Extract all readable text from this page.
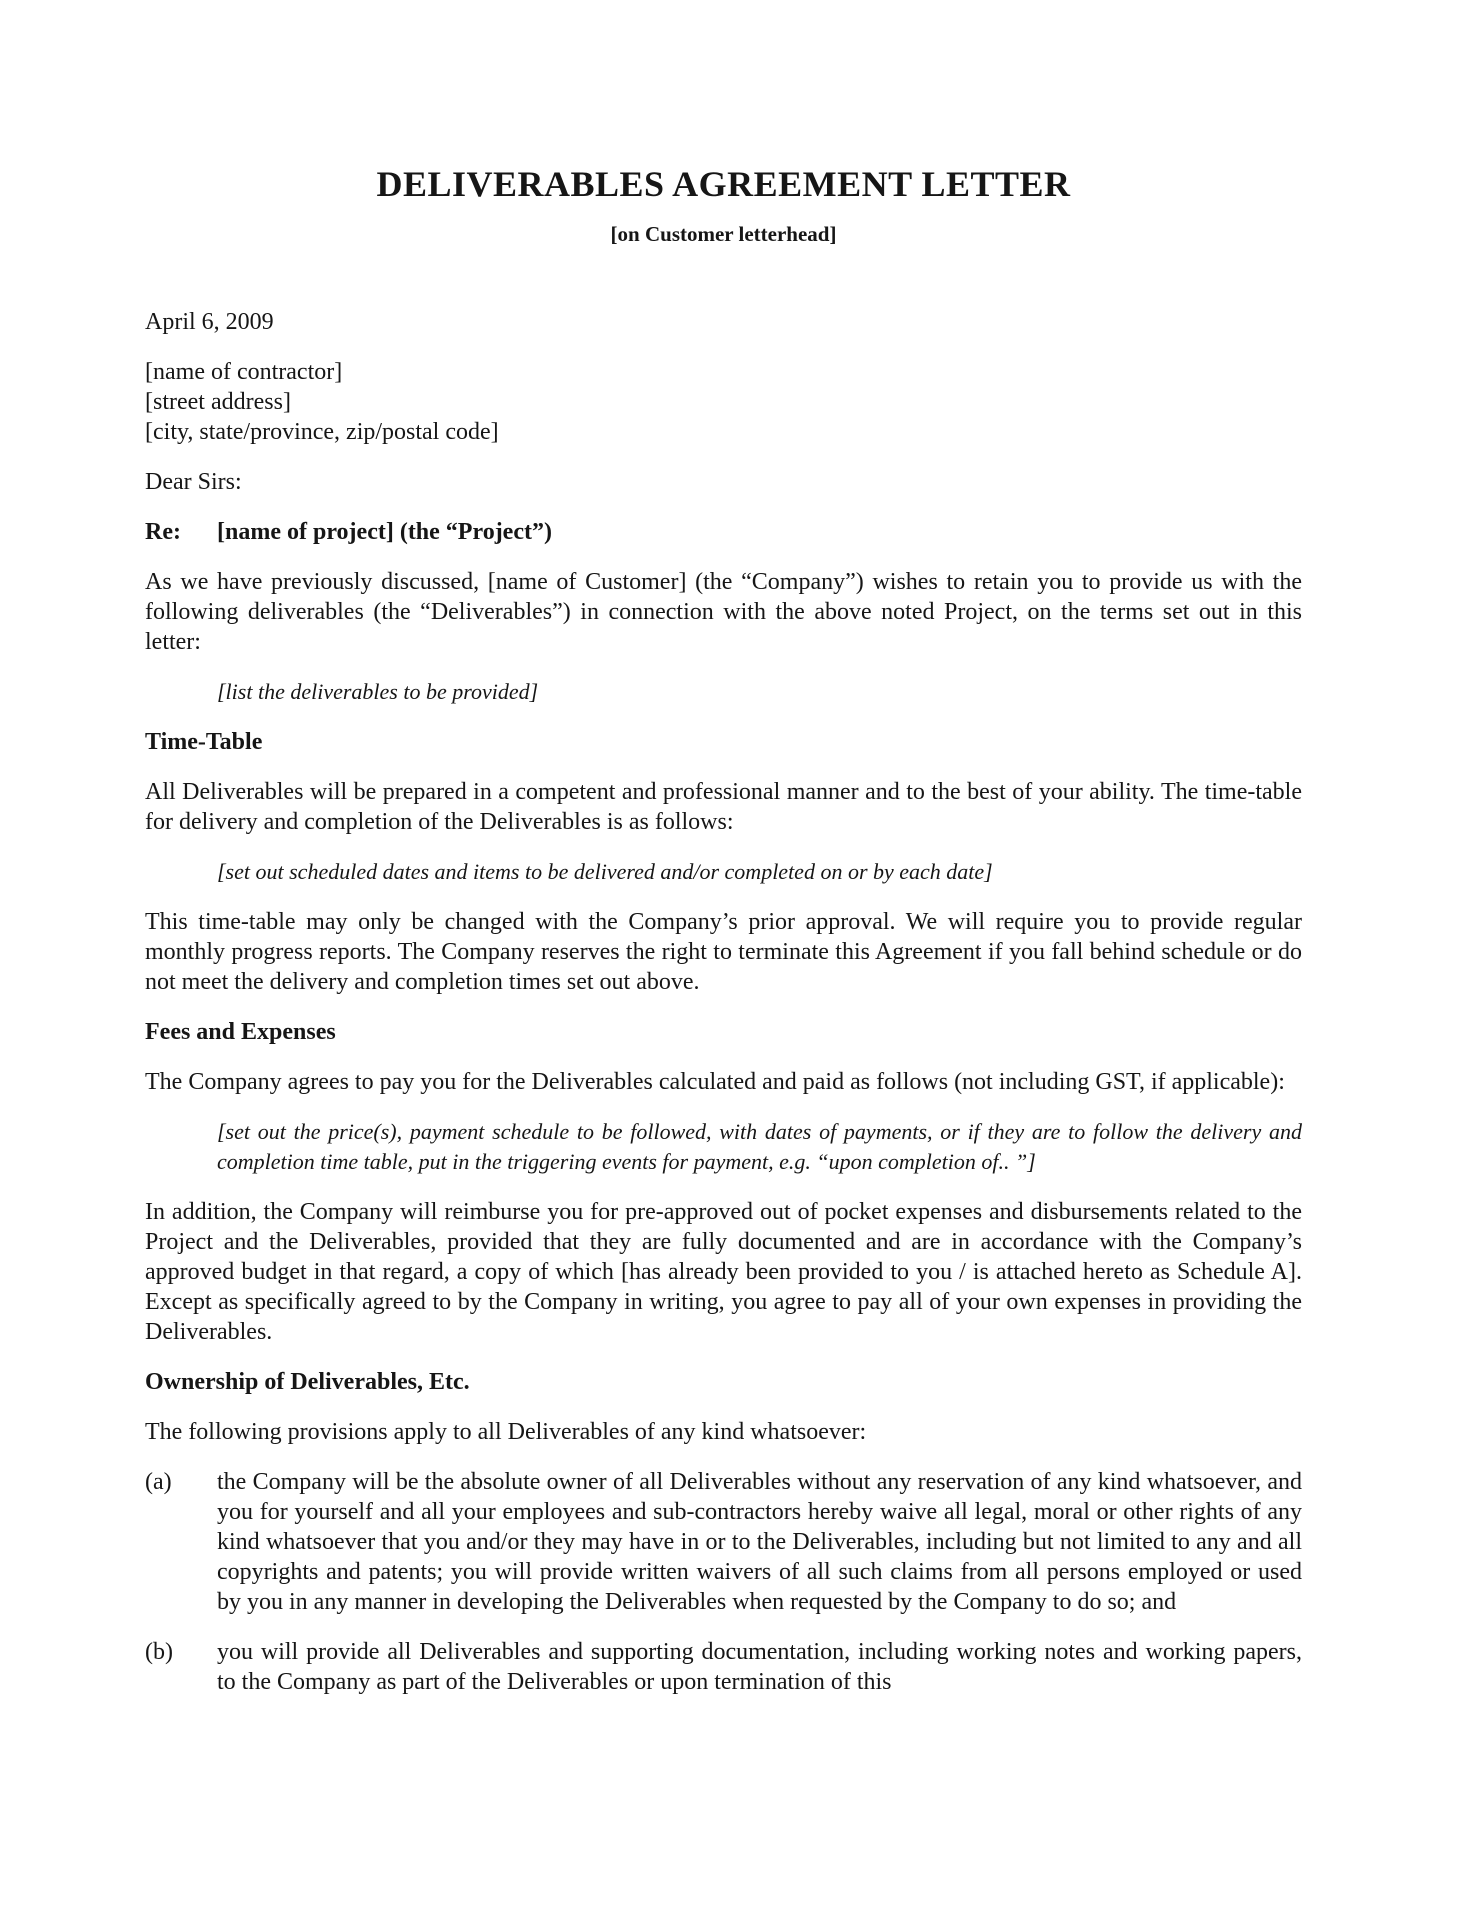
DELIVERABLES AGREEMENT LETTER
[on Customer letterhead]
April 6, 2009
[name of contractor]
[street address]
[city, state/province, zip/postal code]
Dear Sirs:
Re:	[name of project] (the “Project”)

As we have previously discussed, [name of Customer] (the “Company”) wishes to retain you to provide us with the following deliverables (the “Deliverables”) in connection with the above noted Project, on the terms set out in this letter:

[list the deliverables to be provided]
Time-Table

All Deliverables will be prepared in a competent and professional manner and to the best of your ability. The time-table for delivery and completion of the Deliverables is as follows:

[set out scheduled dates and items to be delivered and/or completed on or by each date]

This time-table may only be changed with the Company’s prior approval. We will require you to provide regular monthly progress reports. The Company reserves the right to terminate this Agreement if you fall behind schedule or do not meet the delivery and completion times set out above.

Fees and Expenses

The Company agrees to pay you for the Deliverables calculated and paid as follows (not including GST, if applicable):

[set out the price(s), payment schedule to be followed, with dates of payments, or if they are to follow the delivery and completion time table, put in the triggering events for payment, e.g. “upon completion of.. ”]

In addition, the Company will reimburse you for pre-approved out of pocket expenses and disbursements related to the Project and the Deliverables, provided that they are fully documented and are in accordance with the Company’s approved budget in that regard, a copy of which [has already been provided to you / is attached hereto as Schedule A]. Except as specifically agreed to by the Company in writing, you agree to pay all of your own expenses in providing the Deliverables.

Ownership of Deliverables, Etc.

The following provisions apply to all Deliverables of any kind whatsoever:

(a)	the Company will be the absolute owner of all Deliverables without any reservation of any kind whatsoever, and you for yourself and all your employees and sub-contractors hereby waive all legal, moral or other rights of any kind whatsoever that you and/or they may have in or to the Deliverables, including but not limited to any and all copyrights and patents; you will provide written waivers of all such claims from all persons employed or used by you in any manner in developing the Deliverables when requested by the Company to do so; and
(b)	you will provide all Deliverables and supporting documentation, including working notes and working papers, to the Company as part of the Deliverables or upon termination of this
